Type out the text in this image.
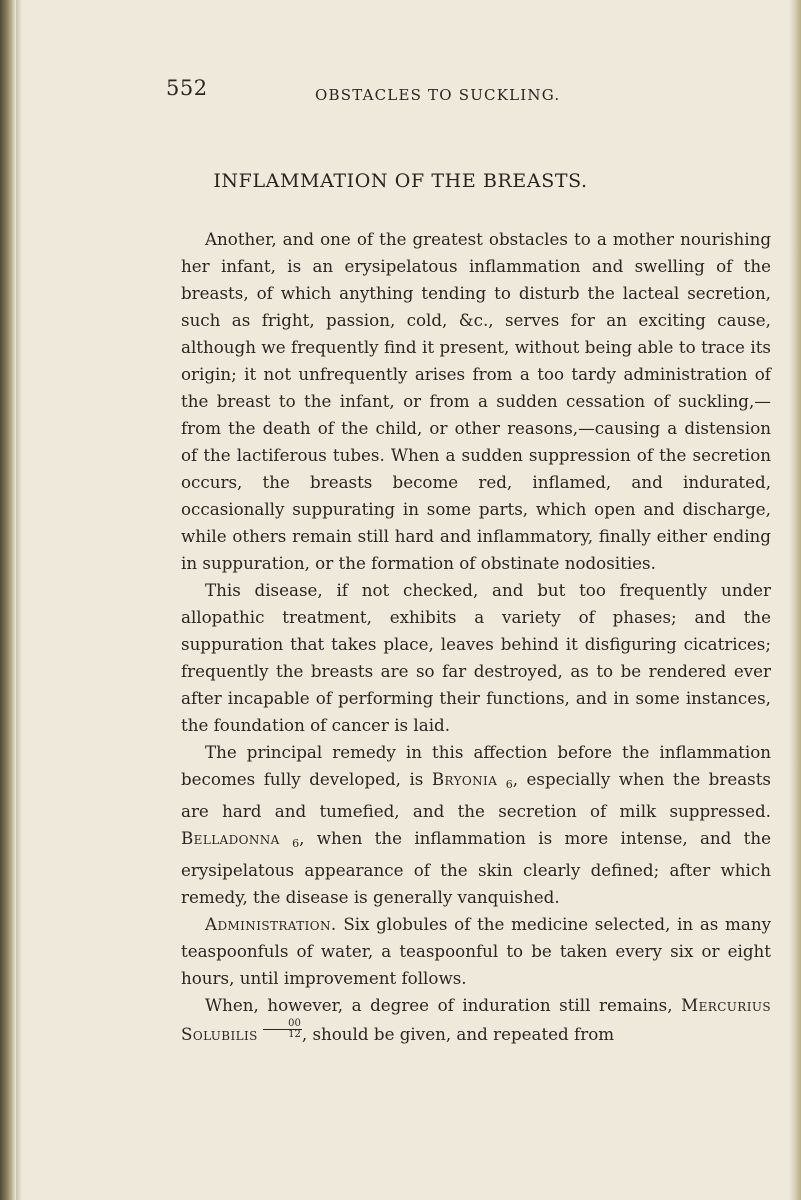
552	OBSTACLES TO SUCKLING.
INFLAMMATION OF THE BREASTS.

Another, and one of the greatest obstacles to a mother nourishing her infant, is an erysipelatous inflammation and swelling of the breasts, of which anything tending to disturb the lacteal secretion, such as fright, passion, cold, &c., serves for an exciting cause, although we frequently find it present, without being able to trace its origin; it not unfrequently arises from a too tardy administration of the breast to the infant, or from a sudden cessation of suckling,—from the death of the child, or other reasons,—causing a distension of the lactiferous tubes. When a sudden suppression of the secretion occurs, the breasts become red, inflamed, and indurated, occasionally suppurating in some parts, which open and discharge, while others remain still hard and inflammatory, finally either ending in suppuration, or the formation of obstinate nodosities.

This disease, if not checked, and but too frequently under allopathic treatment, exhibits a variety of phases; and the suppuration that takes place, leaves behind it disfiguring cicatrices; frequently the breasts are so far destroyed, as to be rendered ever after incapable of performing their functions, and in some instances, the foundation of cancer is laid.

The principal remedy in this affection before the inflammation becomes fully developed, is Bryonia $_6$, especially when the breasts are hard and tumefied, and the secretion of milk suppressed. Belladonna $_6$, when the inflammation is more intense, and the erysipelatous appearance of the skin clearly defined; after which remedy, the disease is generally vanquished.

Administration. Six globules of the medicine selected, in as many teaspoonfuls of water, a teaspoonful to be taken every six or eight hours, until improvement follows.

When, however, a degree of induration still remains, Mercurius Solubilis $\frac{00}{12}$ , should be given, and repeated from
